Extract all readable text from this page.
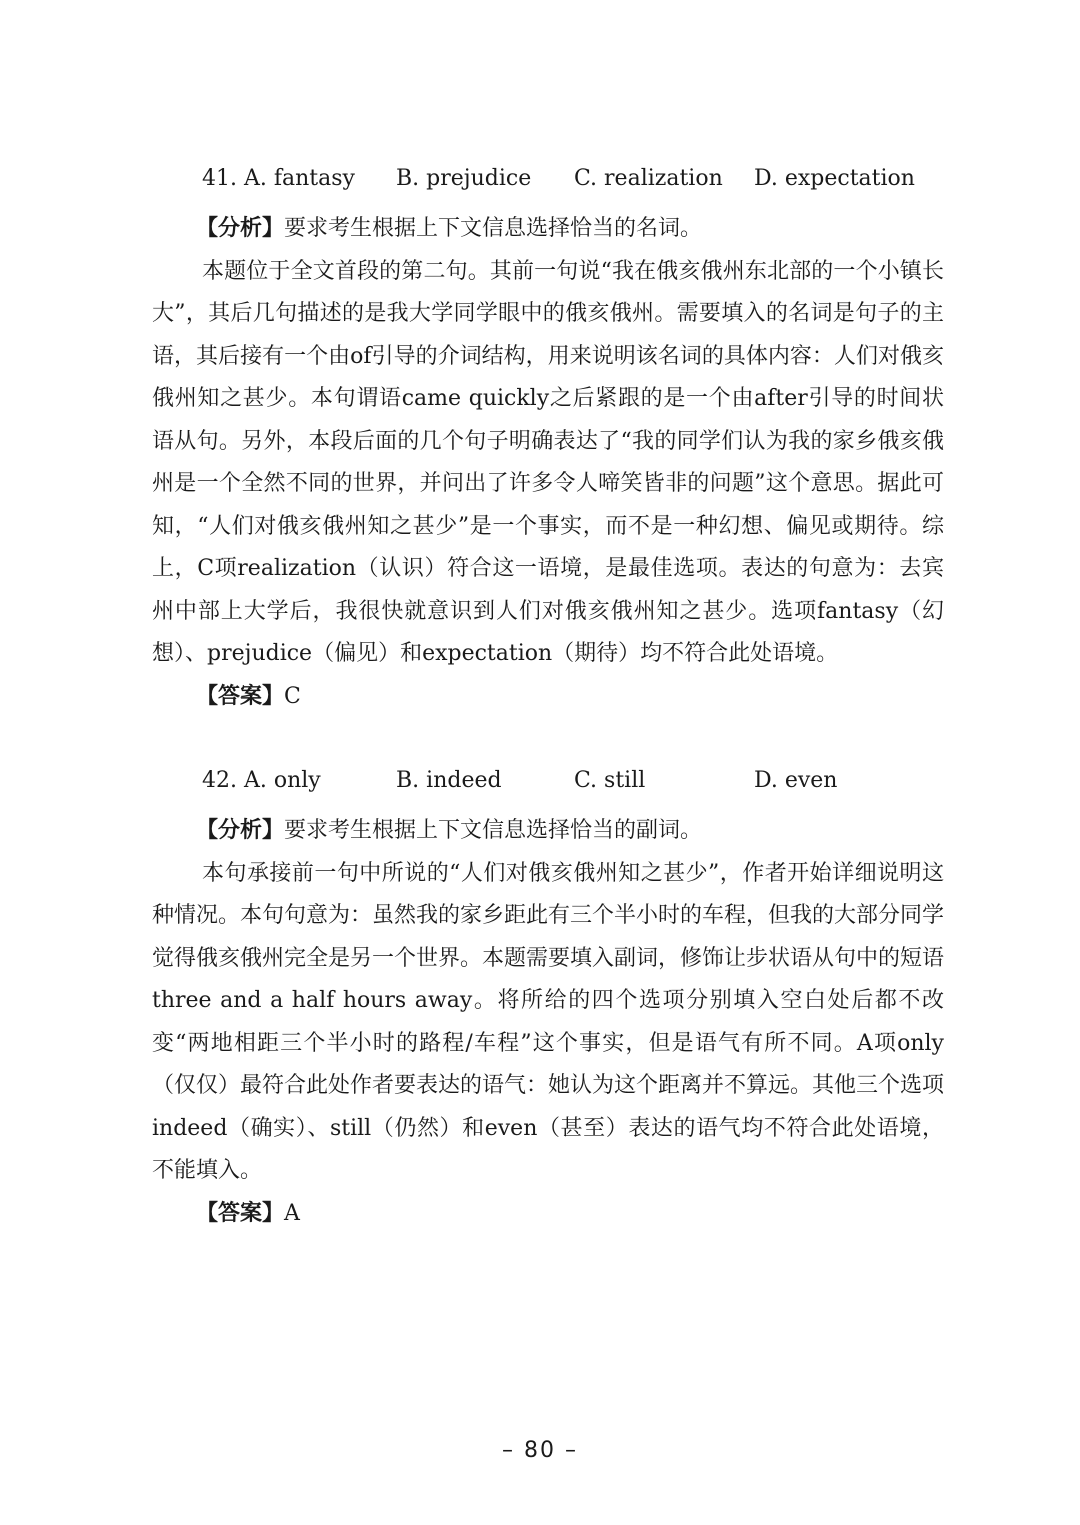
41. A. fantasy	B. prejudice	C. realization	D. expectation
【分析】要求考生根据上下文信息选择恰当的名词。

本题位于全文首段的第二句。其前一句说“我在俄亥俄州东北部的一个小镇长大”，其后几句描述的是我大学同学眼中的俄亥俄州。需要填入的名词是句子的主语，其后接有一个由of引导的介词结构，用来说明该名词的具体内容：人们对俄亥俄州知之甚少。本句谓语came quickly之后紧跟的是一个由after引导的时间状语从句。另外，本段后面的几个句子明确表达了“我的同学们认为我的家乡俄亥俄州是一个全然不同的世界，并问出了许多令人啼笑皆非的问题”这个意思。据此可知，“人们对俄亥俄州知之甚少”是一个事实，而不是一种幻想、偏见或期待。综上，C项realization（认识）符合这一语境，是最佳选项。表达的句意为：去宾州中部上大学后，我很快就意识到人们对俄亥俄州知之甚少。选项fantasy（幻想）、prejudice（偏见）和expectation（期待）均不符合此处语境。

【答案】C
42. A. only	B. indeed	C. still	D. even
【分析】要求考生根据上下文信息选择恰当的副词。

本句承接前一句中所说的“人们对俄亥俄州知之甚少”，作者开始详细说明这种情况。本句句意为：虽然我的家乡距此有三个半小时的车程，但我的大部分同学觉得俄亥俄州完全是另一个世界。本题需要填入副词，修饰让步状语从句中的短语three and a half hours away。将所给的四个选项分别填入空白处后都不改变“两地相距三个半小时的路程/车程”这个事实，但是语气有所不同。A项only（仅仅）最符合此处作者要表达的语气：她认为这个距离并不算远。其他三个选项indeed（确实）、still（仍然）和even（甚至）表达的语气均不符合此处语境，不能填入。

【答案】A
– 80 –
